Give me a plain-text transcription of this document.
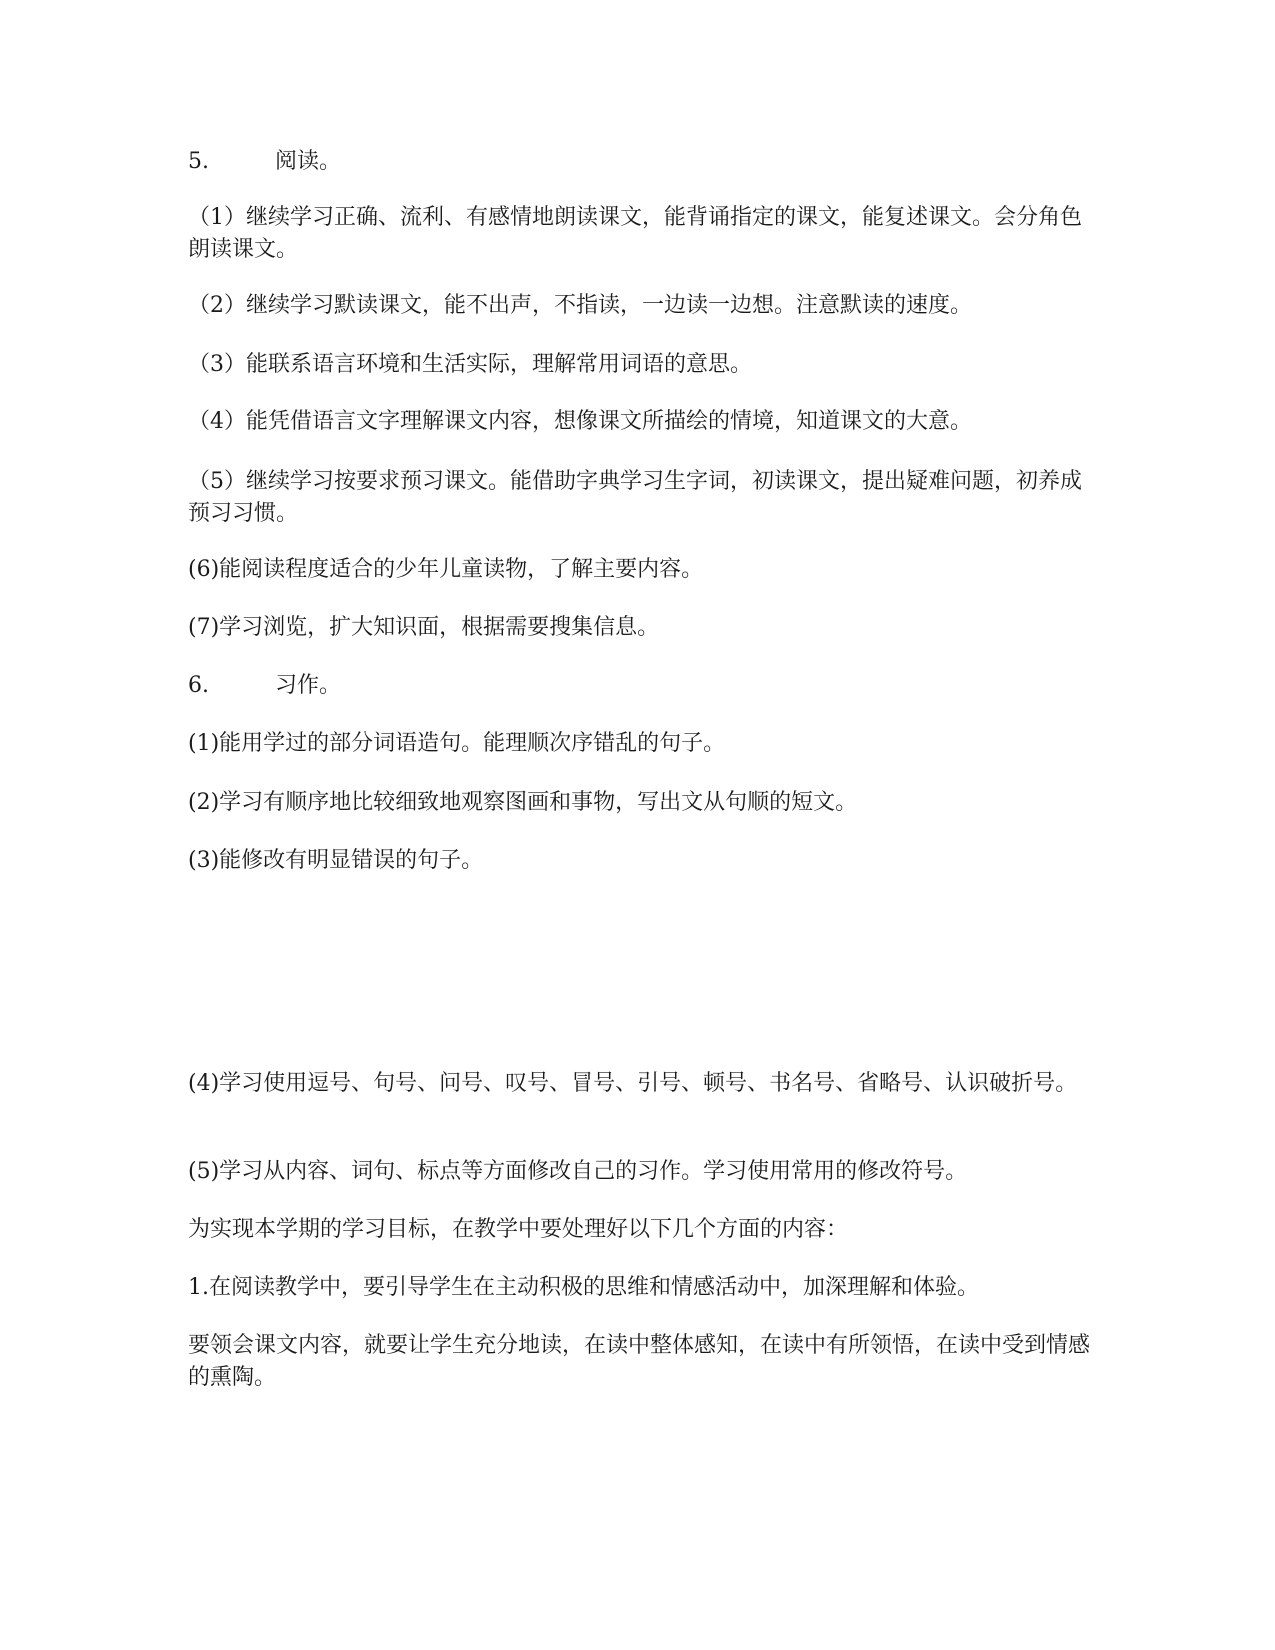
5.	阅读。

（1）继续学习正确、流利、有感情地朗读课文，能背诵指定的课文，能复述课文。会分角色朗读课文。

（2）继续学习默读课文，能不出声，不指读，一边读一边想。注意默读的速度。

（3）能联系语言环境和生活实际，理解常用词语的意思。

（4）能凭借语言文字理解课文内容，想像课文所描绘的情境，知道课文的大意。

（5）继续学习按要求预习课文。能借助字典学习生字词，初读课文，提出疑难问题，初养成预习习惯。

(6)能阅读程度适合的少年儿童读物，了解主要内容。

(7)学习浏览，扩大知识面，根据需要搜集信息。

6.	习作。

(1)能用学过的部分词语造句。能理顺次序错乱的句子。

(2)学习有顺序地比较细致地观察图画和事物，写出文从句顺的短文。

(3)能修改有明显错误的句子。

(4)学习使用逗号、句号、问号、叹号、冒号、引号、顿号、书名号、省略号、认识破折号。

(5)学习从内容、词句、标点等方面修改自己的习作。学习使用常用的修改符号。

为实现本学期的学习目标，在教学中要处理好以下几个方面的内容：

1.在阅读教学中，要引导学生在主动积极的思维和情感活动中，加深理解和体验。

要领会课文内容，就要让学生充分地读，在读中整体感知，在读中有所领悟，在读中受到情感的熏陶。
